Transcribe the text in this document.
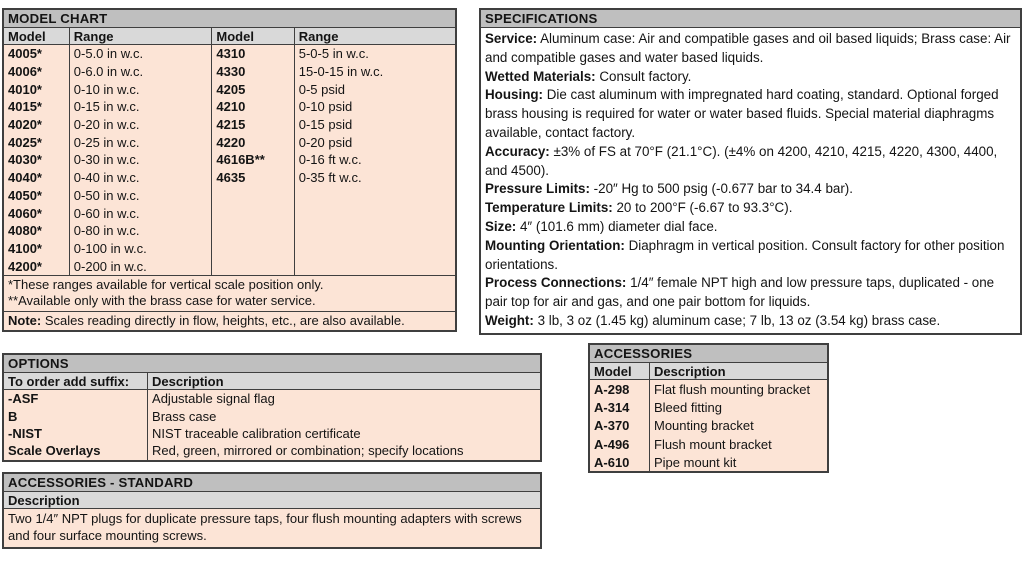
MODEL CHART			
Model	Range	Model	Range
4005*	0-5.0 in w.c.	4310	5-0-5 in w.c.
4006*	0-6.0 in w.c.	4330	15-0-15 in w.c.
4010*	0-10 in w.c.	4205	0-5 psid
4015*	0-15 in w.c.	4210	0-10 psid
4020*	0-20 in w.c.	4215	0-15 psid
4025*	0-25 in w.c.	4220	0-20 psid
4030*	0-30 in w.c.	4616B**	0-16 ft w.c.
4040*	0-40 in w.c.	4635	0-35 ft w.c.
4050*	0-50 in w.c.		
4060*	0-60 in w.c.		
4080*	0-80 in w.c.		
4100*	0-100 in w.c.		
4200*	0-200 in w.c.		

*These ranges available for vertical scale position only.
**Available only with the brass case for water service.			

Note: Scales reading directly in flow, heights, etc., are also available.			
SPECIFICATIONS
Service: Aluminum case: Air and compatible gases and oil based liquids; Brass case: Air and compatible gases and water based liquids.
Wetted Materials: Consult factory.
Housing: Die cast aluminum with impregnated hard coating, standard. Optional forged brass housing is required for water or water based fluids. Special material diaphragms available, contact factory.
Accuracy: ±3% of FS at 70°F (21.1°C). (±4% on 4200, 4210, 4215, 4220, 4300, 4400, and 4500).
Pressure Limits: -20″ Hg to 500 psig (-0.677 bar to 34.4 bar).
Temperature Limits: 20 to 200°F (-6.67 to 93.3°C).
Size: 4″ (101.6 mm) diameter dial face.
Mounting Orientation: Diaphragm in vertical position. Consult factory for other position orientations.
Process Connections: 1/4″ female NPT high and low pressure taps, duplicated - one pair top for air and gas, and one pair bottom for liquids.
Weight: 3 lb, 3 oz (1.45 kg) aluminum case; 7 lb, 13 oz (3.54 kg) brass case.
OPTIONS	
To order add suffix:	Description
-ASF	Adjustable signal flag
B	Brass case
-NIST	NIST traceable calibration certificate
Scale Overlays	Red, green, mirrored or combination; specify locations
ACCESSORIES - STANDARD
Description
Two 1/4″ NPT plugs for duplicate pressure taps, four flush mounting adapters with screws and four surface mounting screws.
ACCESSORIES	
Model	Description
A-298	Flat flush mounting bracket
A-314	Bleed fitting
A-370	Mounting bracket
A-496	Flush mount bracket
A-610	Pipe mount kit
